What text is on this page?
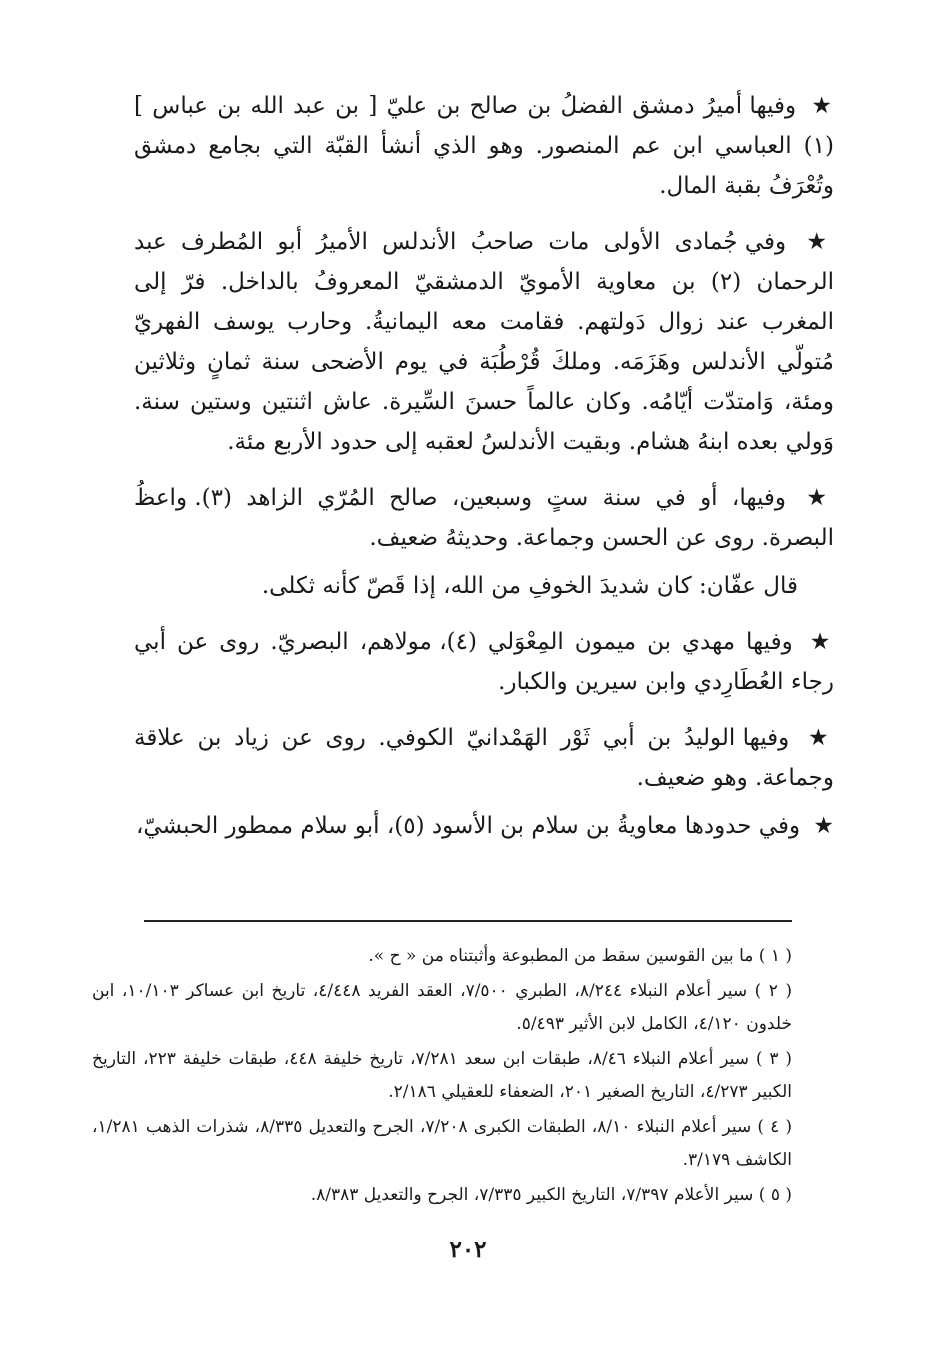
★ وفيها أميرُ دمشق الفضلُ بن صالح بن عليّ [ بن عبد الله بن عباس ] (١) العباسي ابن عم المنصور. وهو الذي أنشأ القبّة التي بجامع دمشق وتُعْرَفُ بقبة المال.

★ وفي جُمادى الأولى مات صاحبُ الأندلس الأميرُ أبو المُطرف عبد الرحمان (٢) بن معاوية الأمويّ الدمشقيّ المعروفُ بالداخل. فرّ إلى المغرب عند زوال دَولتهم. فقامت معه اليمانيةُ. وحارب يوسف الفهريّ مُتولّي الأندلس وهَزَمَه. وملكَ قُرْطُبَة في يوم الأضحى سنة ثمانٍ وثلاثين ومئة، وَامتدّت أيّامُه. وكان عالماً حسنَ السِّيرة. عاش اثنتين وستين سنة. وَولي بعده ابنهُ هشام. وبقيت الأندلسُ لعقبه إلى حدود الأربع مئة.

★ وفيها، أو في سنة ستٍ وسبعين، صالح المُرّي الزاهد (٣). واعظُ البصرة. روى عن الحسن وجماعة. وحديثهُ ضعيف.

قال عفّان: كان شديدَ الخوفِ من الله، إذا قَصّ كأنه ثكلى.

★ وفيها مهدي بن ميمون المِعْوَلي (٤)، مولاهم، البصريّ. روى عن أبي رجاء العُطَارِدي وابن سيرين والكبار.

★ وفيها الوليدُ بن أبي ثَوْر الهَمْدانيّ الكوفي. روى عن زياد بن علاقة وجماعة. وهو ضعيف.

★ وفي حدودها معاويةُ بن سلام بن الأسود (٥)، أبو سلام ممطور الحبشيّ،

( ١ ) ما بين القوسين سقط من المطبوعة وأثبتناه من « ح ».

( ٢ ) سير أعلام النبلاء ٨/٢٤٤، الطبري ٧/٥٠٠، العقد الفريد ٤/٤٤٨، تاريخ ابن عساكر ١٠/١٠٣، ابن خلدون ٤/١٢٠، الكامل لابن الأثير ٥/٤٩٣.

( ٣ ) سير أعلام النبلاء ٨/٤٦، طبقات ابن سعد ٧/٢٨١، تاريخ خليفة ٤٤٨، طبقات خليفة ٢٢٣، التاريخ الكبير ٤/٢٧٣، التاريخ الصغير ٢٠١، الضعفاء للعقيلي ٢/١٨٦.

( ٤ ) سير أعلام النبلاء ٨/١٠، الطبقات الكبرى ٧/٢٠٨، الجرح والتعديل ٨/٣٣٥، شذرات الذهب ١/٢٨١، الكاشف ٣/١٧٩.

( ٥ ) سير الأعلام ٧/٣٩٧، التاريخ الكبير ٧/٣٣٥، الجرح والتعديل ٨/٣٨٣.

٢٠٢
